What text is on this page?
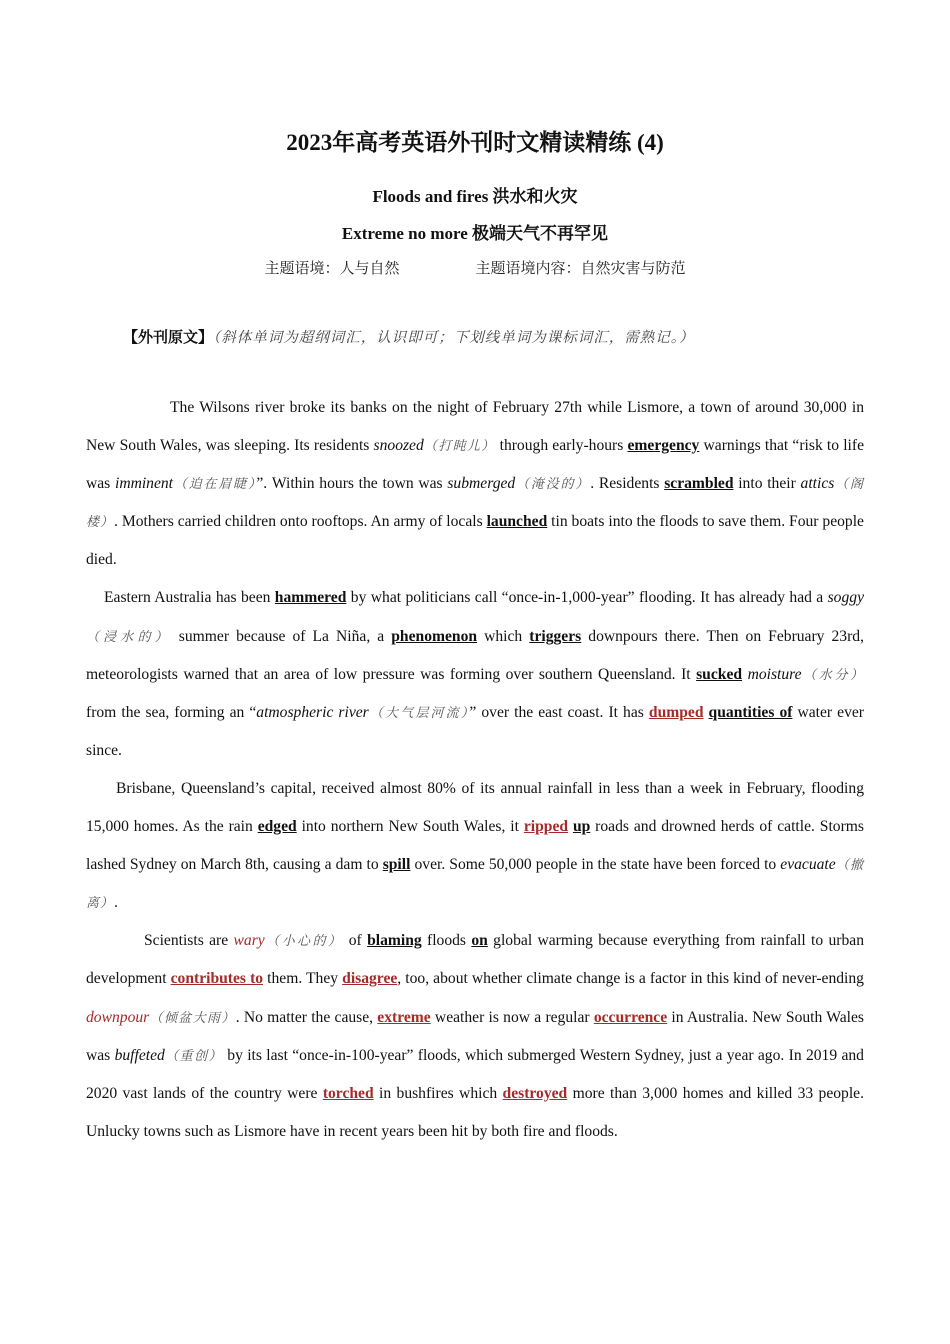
2023年高考英语外刊时文精读精练 (4)
Floods and fires 洪水和火灾
Extreme no more 极端天气不再罕见
主题语境：人与自然	主题语境内容：自然灾害与防范
【外刊原文】（斜体单词为超纲词汇，认识即可；下划线单词为课标词汇，需熟记。）

The Wilsons river broke its banks on the night of February 27th while Lismore, a town of around 30,000 in New South Wales, was sleeping. Its residents snoozed（打盹儿） through early-hours emergency warnings that “risk to life was imminent（迫在眉睫）”. Within hours the town was submerged（淹没的）. Residents scrambled into their attics（阁楼）. Mothers carried children onto rooftops. An army of locals launched tin boats into the floods to save them. Four people died.

Eastern Australia has been hammered by what politicians call “once-in-1,000-year” flooding. It has already had a soggy（浸水的） summer because of La Niña, a phenomenon which triggers downpours there. Then on February 23rd, meteorologists warned that an area of low pressure was forming over southern Queensland. It sucked moisture（水分） from the sea, forming an “atmospheric river（大气层河流）” over the east coast. It has dumped quantities of water ever since.

Brisbane, Queensland’s capital, received almost 80% of its annual rainfall in less than a week in February, flooding 15,000 homes. As the rain edged into northern New South Wales, it ripped up roads and drowned herds of cattle. Storms lashed Sydney on March 8th, causing a dam to spill over. Some 50,000 people in the state have been forced to evacuate（撤离）.

Scientists are wary（小心的） of blaming floods on global warming because everything from rainfall to urban development contributes to them. They disagree, too, about whether climate change is a factor in this kind of never-ending downpour（倾盆大雨）. No matter the cause, extreme weather is now a regular occurrence in Australia. New South Wales was buffeted（重创） by its last “once-in-100-year” floods, which submerged Western Sydney, just a year ago. In 2019 and 2020 vast lands of the country were torched in bushfires which destroyed more than 3,000 homes and killed 33 people. Unlucky towns such as Lismore have in recent years been hit by both fire and floods.
